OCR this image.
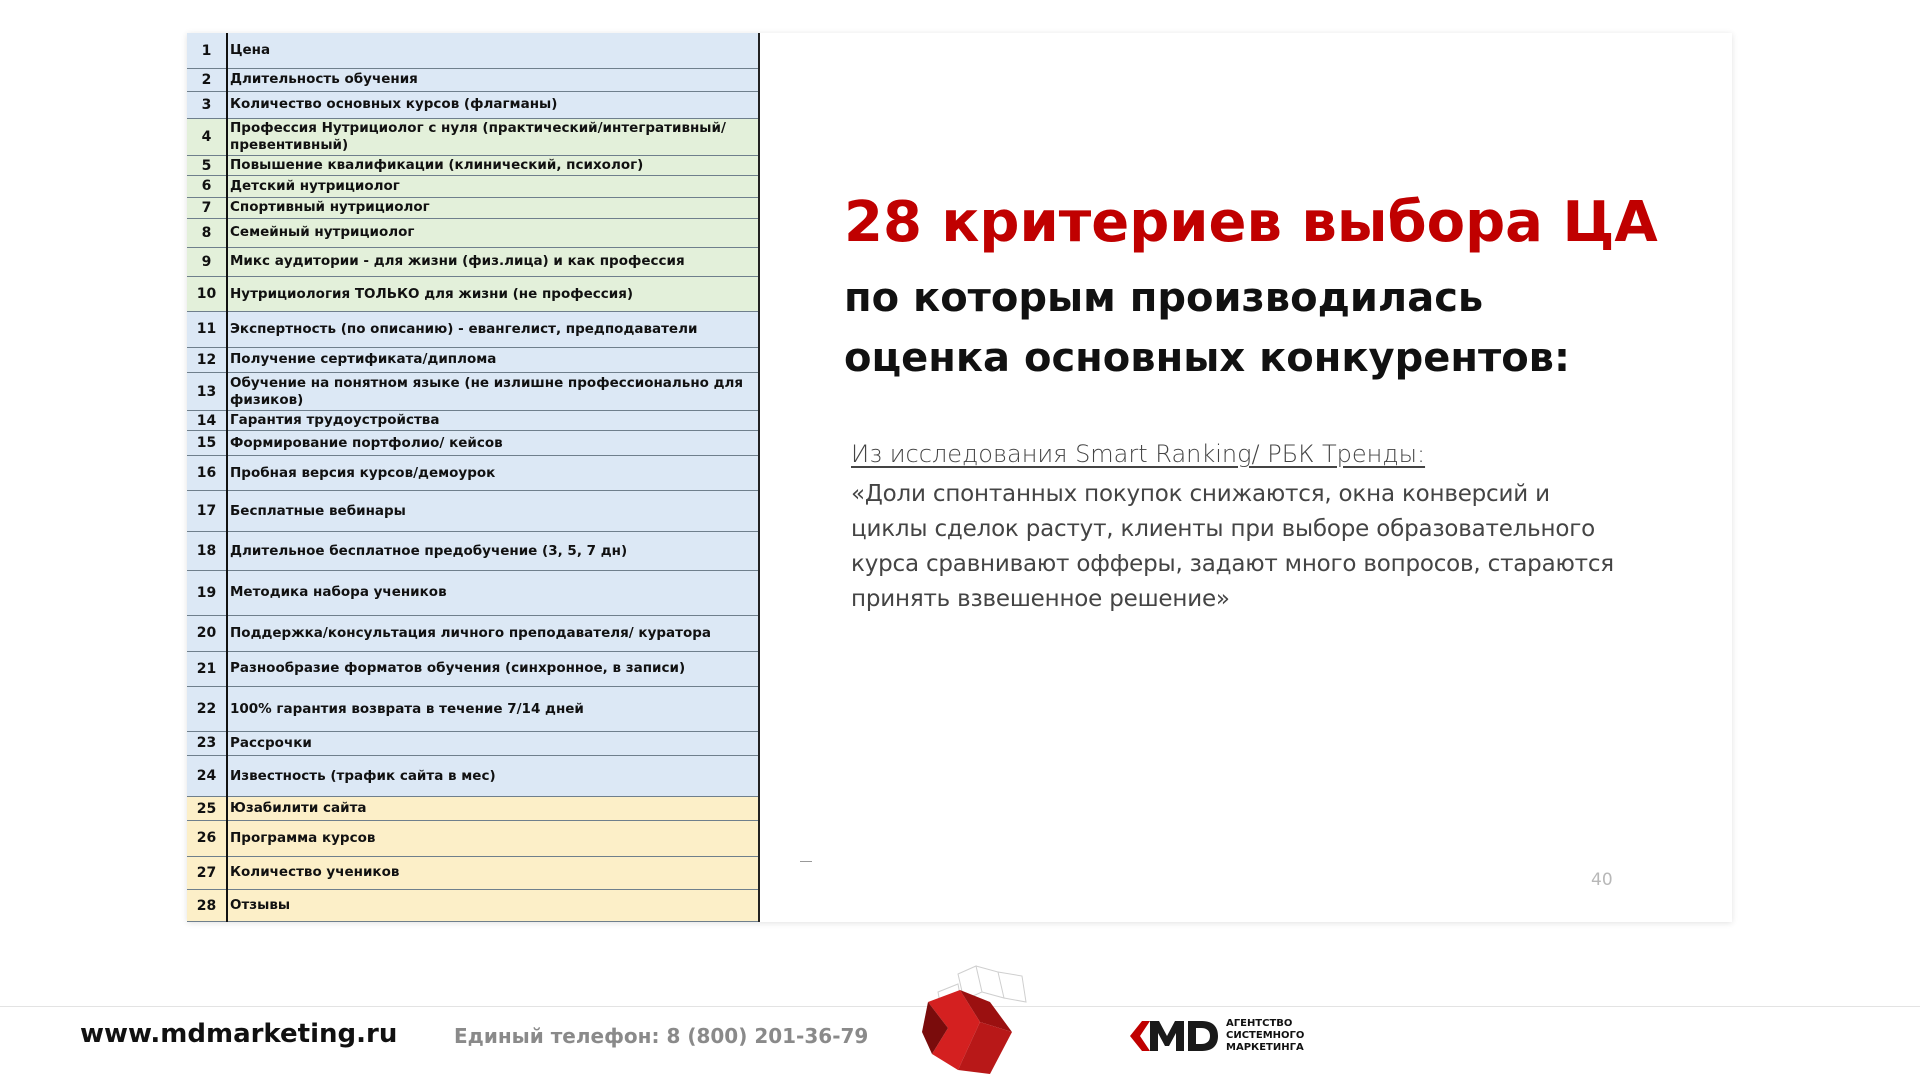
1	Цена
2	Длительность обучения
3	Количество основных курсов (флагманы)
4	Профессия Нутрициолог с нуля (практический/интегративный/превентивный)
5	Повышение квалификации (клинический, психолог)
6	Детский нутрициолог
7	Спортивный нутрициолог
8	Семейный нутрициолог
9	Микс аудитории - для жизни (физ.лица) и как профессия
10	Нутрициология ТОЛЬКО для жизни (не профессия)
11	Экспертность (по описанию) - евангелист, предподаватели
12	Получение сертификата/диплома
13	Обучение на понятном языке (не излишне профессионально для физиков)
14	Гарантия трудоустройства
15	Формирование портфолио/ кейсов
16	Пробная версия курсов/демоурок
17	Бесплатные вебинары
18	Длительное бесплатное предобучение (3, 5, 7 дн)
19	Методика набора учеников
20	Поддержка/консультация личного преподавателя/ куратора
21	Разнообразие форматов обучения (синхронное, в записи)
22	100% гарантия возврата в течение 7/14 дней
23	Рассрочки
24	Известность (трафик сайта в мес)
25	Юзабилити сайта
26	Программа курсов
27	Количество учеников
28	Отзывы
28 критериев выбора ЦА
по которым производилась
оценка основных конкурентов:

Из исследования Smart Ranking/ РБК Тренды:

«Доли спонтанных покупок снижаются, окна конверсий и циклы сделок растут, клиенты при выборе образовательного курса сравнивают офферы, задают много вопросов, стараются принять взвешенное решение»

40
www.mdmarketing.ru	Единый телефон: 8 (800) 201-36-79
АГЕНТСТВО
СИСТЕМНОГО
МАРКЕТИНГА
